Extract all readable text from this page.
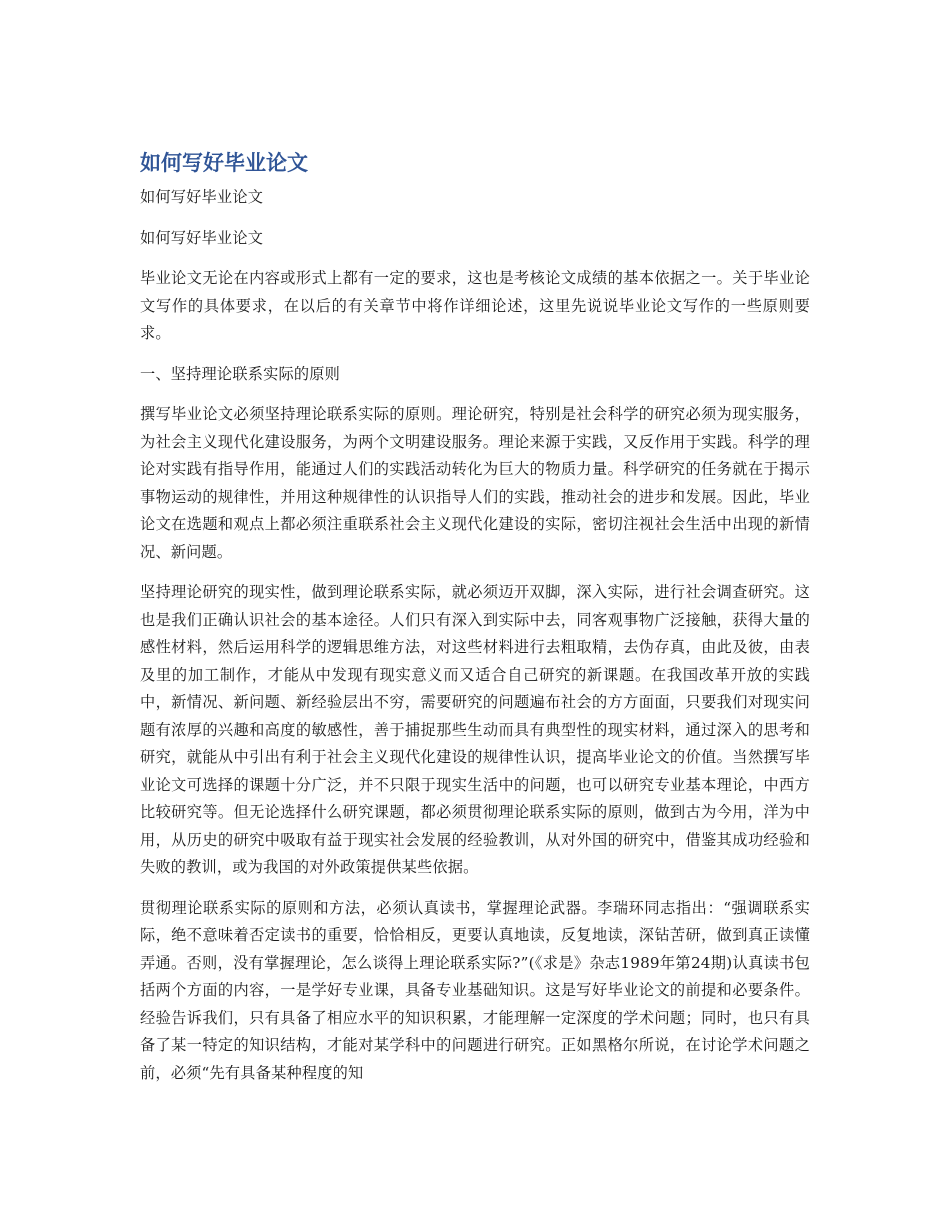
如何写好毕业论文

如何写好毕业论文

如何写好毕业论文

毕业论文无论在内容或形式上都有一定的要求，这也是考核论文成绩的基本依据之一。关于毕业论文写作的具体要求，在以后的有关章节中将作详细论述，这里先说说毕业论文写作的一些原则要求。

一、坚持理论联系实际的原则

撰写毕业论文必须坚持理论联系实际的原则。理论研究，特别是社会科学的研究必须为现实服务，为社会主义现代化建设服务，为两个文明建设服务。理论来源于实践，又反作用于实践。科学的理论对实践有指导作用，能通过人们的实践活动转化为巨大的物质力量。科学研究的任务就在于揭示事物运动的规律性，并用这种规律性的认识指导人们的实践，推动社会的进步和发展。因此，毕业论文在选题和观点上都必须注重联系社会主义现代化建设的实际，密切注视社会生活中出现的新情况、新问题。

坚持理论研究的现实性，做到理论联系实际，就必须迈开双脚，深入实际，进行社会调查研究。这也是我们正确认识社会的基本途径。人们只有深入到实际中去，同客观事物广泛接触，获得大量的感性材料，然后运用科学的逻辑思维方法，对这些材料进行去粗取精，去伪存真，由此及彼，由表及里的加工制作，才能从中发现有现实意义而又适合自己研究的新课题。在我国改革开放的实践中，新情况、新问题、新经验层出不穷，需要研究的问题遍布社会的方方面面，只要我们对现实问题有浓厚的兴趣和高度的敏感性，善于捕捉那些生动而具有典型性的现实材料，通过深入的思考和研究，就能从中引出有利于社会主义现代化建设的规律性认识，提高毕业论文的价值。当然撰写毕业论文可选择的课题十分广泛，并不只限于现实生活中的问题，也可以研究专业基本理论，中西方比较研究等。但无论选择什么研究课题，都必须贯彻理论联系实际的原则，做到古为今用，洋为中用，从历史的研究中吸取有益于现实社会发展的经验教训，从对外国的研究中，借鉴其成功经验和失败的教训，或为我国的对外政策提供某些依据。

贯彻理论联系实际的原则和方法，必须认真读书，掌握理论武器。李瑞环同志指出：“强调联系实际，绝不意味着否定读书的重要，恰恰相反，更要认真地读，反复地读，深钻苦研，做到真正读懂弄通。否则，没有掌握理论，怎么谈得上理论联系实际?”(《求是》杂志1989年第24期)认真读书包括两个方面的内容，一是学好专业课，具备专业基础知识。这是写好毕业论文的前提和必要条件。经验告诉我们，只有具备了相应水平的知识积累，才能理解一定深度的学术问题；同时，也只有具备了某一特定的知识结构，才能对某学科中的问题进行研究。正如黑格尔所说，在讨论学术问题之前，必须“先有具备某种程度的知
